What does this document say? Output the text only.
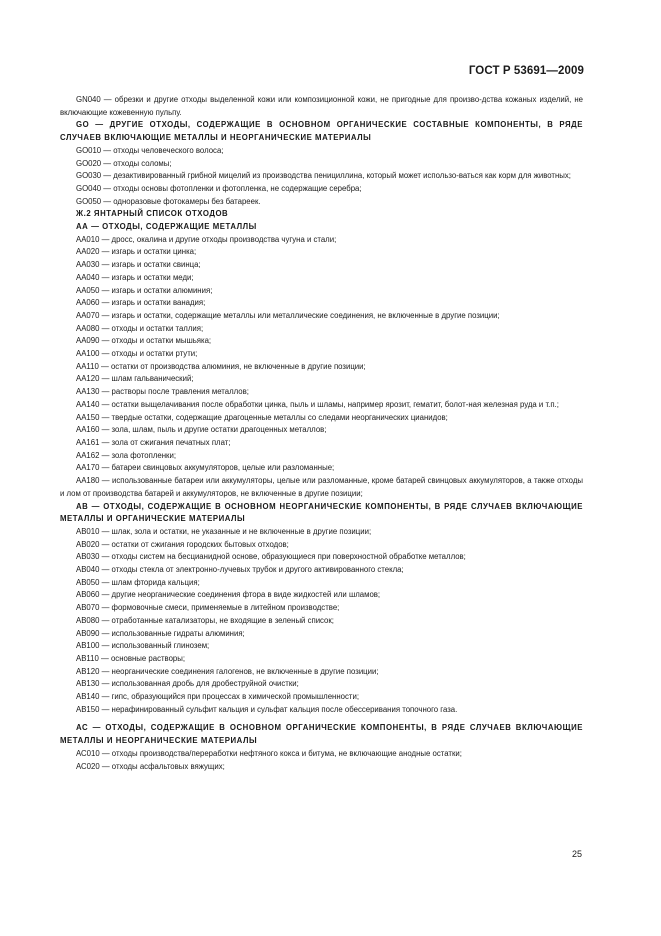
ГОСТ Р 53691—2009

GN040 — обрезки и другие отходы выделенной кожи или композиционной кожи, не пригодные для произво-дства кожаных изделий, не включающие кожевенную пульпу.

GO — ДРУГИЕ ОТХОДЫ, СОДЕРЖАЩИЕ В ОСНОВНОМ ОРГАНИЧЕСКИЕ СОСТАВНЫЕ КОМПОНЕНТЫ, В РЯДЕ СЛУЧАЕВ ВКЛЮЧАЮЩИЕ МЕТАЛЛЫ И НЕОРГАНИЧЕСКИЕ МАТЕРИАЛЫ

GO010 — отходы человеческого волоса;

GO020 — отходы соломы;

GO030 — дезактивированный грибной мицелий из производства пенициллина, который может использо-ваться как корм для животных;

GO040 — отходы основы фотопленки и фотопленка, не содержащие серебра;

GO050 — одноразовые фотокамеры без батареек.

Ж.2 ЯНТАРНЫЙ СПИСОК ОТХОДОВ

АА — ОТХОДЫ, СОДЕРЖАЩИЕ МЕТАЛЛЫ

АА010 — дросс, окалина и другие отходы производства чугуна и стали;

АА020 — изгарь и остатки цинка;

АА030 — изгарь и остатки свинца;

АА040 — изгарь и остатки меди;

АА050 — изгарь и остатки алюминия;

АА060 — изгарь и остатки ванадия;

АА070 — изгарь и остатки, содержащие металлы или металлические соединения, не включенные в другие позиции;

АА080 — отходы и остатки таллия;

АА090 — отходы и остатки мышьяка;

АА100 — отходы и остатки ртути;

АА110 — остатки от производства алюминия, не включенные в другие позиции;

АА120 — шлам гальванический;

АА130 — растворы после травления металлов;

АА140 — остатки выщелачивания после обработки цинка, пыль и шламы, например ярозит, гематит, болот-ная железная руда и т.п.;

АА150 — твердые остатки, содержащие драгоценные металлы со следами неорганических цианидов;

АА160 — зола, шлам, пыль и другие остатки драгоценных металлов;

АА161 — зола от сжигания печатных плат;

АА162 — зола фотопленки;

АА170 — батареи свинцовых аккумуляторов, целые или разломанные;

АА180 — использованные батареи или аккумуляторы, целые или разломанные, кроме батарей свинцовых аккумуляторов, а также отходы и лом от производства батарей и аккумуляторов, не включенные в другие позиции;

АВ — ОТХОДЫ, СОДЕРЖАЩИЕ В ОСНОВНОМ НЕОРГАНИЧЕСКИЕ КОМПОНЕНТЫ, В РЯДЕ СЛУЧАЕВ ВКЛЮЧАЮЩИЕ МЕТАЛЛЫ И ОРГАНИЧЕСКИЕ МАТЕРИАЛЫ

АВ010 — шлак, зола и остатки, не указанные и не включенные в другие позиции;

АВ020 — остатки от сжигания городских бытовых отходов;

АВ030 — отходы систем на бесцианидной основе, образующиеся при поверхностной обработке металлов;

АВ040 — отходы стекла от электронно-лучевых трубок и другого активированного стекла;

АВ050 — шлам фторида кальция;

АВ060 — другие неорганические соединения фтора в виде жидкостей или шламов;

АВ070 — формовочные смеси, применяемые в литейном производстве;

АВ080 — отработанные катализаторы, не входящие в зеленый список;

АВ090 — использованные гидраты алюминия;

АВ100 — использованный глинозем;

АВ110 — основные растворы;

АВ120 — неорганические соединения галогенов, не включенные в другие позиции;

АВ130 — использованная дробь для дробеструйной очистки;

АВ140 — гипс, образующийся при процессах в химической промышленности;

АВ150 — нерафинированный сульфит кальция и сульфат кальция после обессеривания топочного газа.

АС — ОТХОДЫ, СОДЕРЖАЩИЕ В ОСНОВНОМ ОРГАНИЧЕСКИЕ КОМПОНЕНТЫ, В РЯДЕ СЛУЧАЕВ ВКЛЮЧАЮЩИЕ МЕТАЛЛЫ И НЕОРГАНИЧЕСКИЕ МАТЕРИАЛЫ

АС010 — отходы производства/переработки нефтяного кокса и битума, не включающие анодные остатки;

АС020 — отходы асфальтовых вяжущих;

25
